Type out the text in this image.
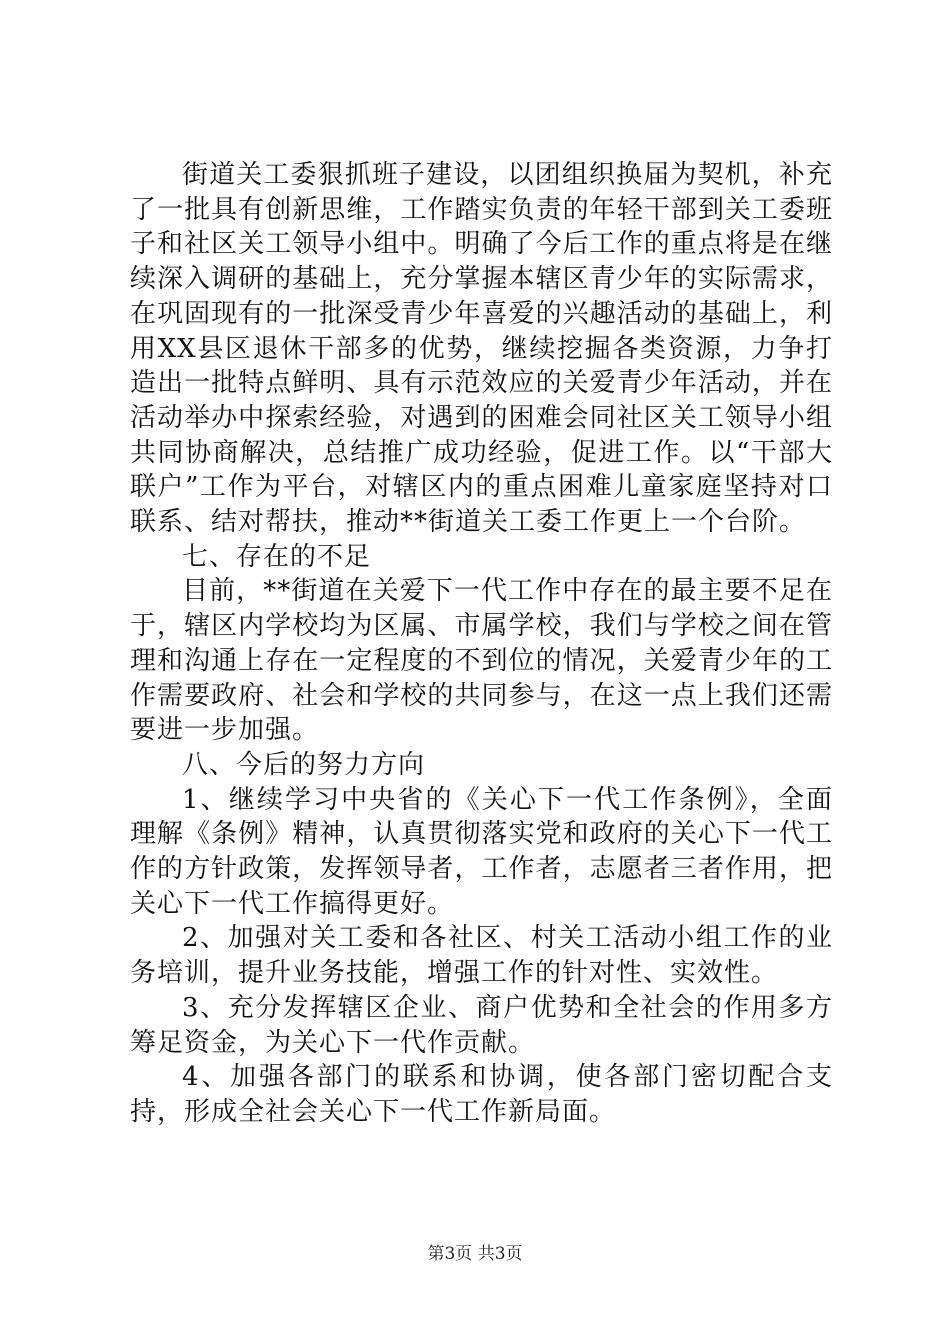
街道关工委狠抓班子建设，以团组织换届为契机，补充了一批具有创新思维，工作踏实负责的年轻干部到关工委班子和社区关工领导小组中。明确了今后工作的重点将是在继续深入调研的基础上，充分掌握本辖区青少年的实际需求，在巩固现有的一批深受青少年喜爱的兴趣活动的基础上，利用XX县区退休干部多的优势，继续挖掘各类资源，力争打造出一批特点鲜明、具有示范效应的关爱青少年活动，并在活动举办中探索经验，对遇到的困难会同社区关工领导小组共同协商解决，总结推广成功经验，促进工作。以“干部大联户”工作为平台，对辖区内的重点困难儿童家庭坚持对口联系、结对帮扶，推动**街道关工委工作更上一个台阶。

七、存在的不足

目前，**街道在关爱下一代工作中存在的最主要不足在于，辖区内学校均为区属、市属学校，我们与学校之间在管理和沟通上存在一定程度的不到位的情况，关爱青少年的工作需要政府、社会和学校的共同参与，在这一点上我们还需要进一步加强。

八、今后的努力方向

1、继续学习中央省的《关心下一代工作条例》，全面理解《条例》精神，认真贯彻落实党和政府的关心下一代工作的方针政策，发挥领导者，工作者，志愿者三者作用，把关心下一代工作搞得更好。

2、加强对关工委和各社区、村关工活动小组工作的业务培训，提升业务技能，增强工作的针对性、实效性。

3、充分发挥辖区企业、商户优势和全社会的作用多方筹足资金，为关心下一代作贡献。

4、加强各部门的联系和协调，使各部门密切配合支持，形成全社会关心下一代工作新局面。

第3页 共3页
